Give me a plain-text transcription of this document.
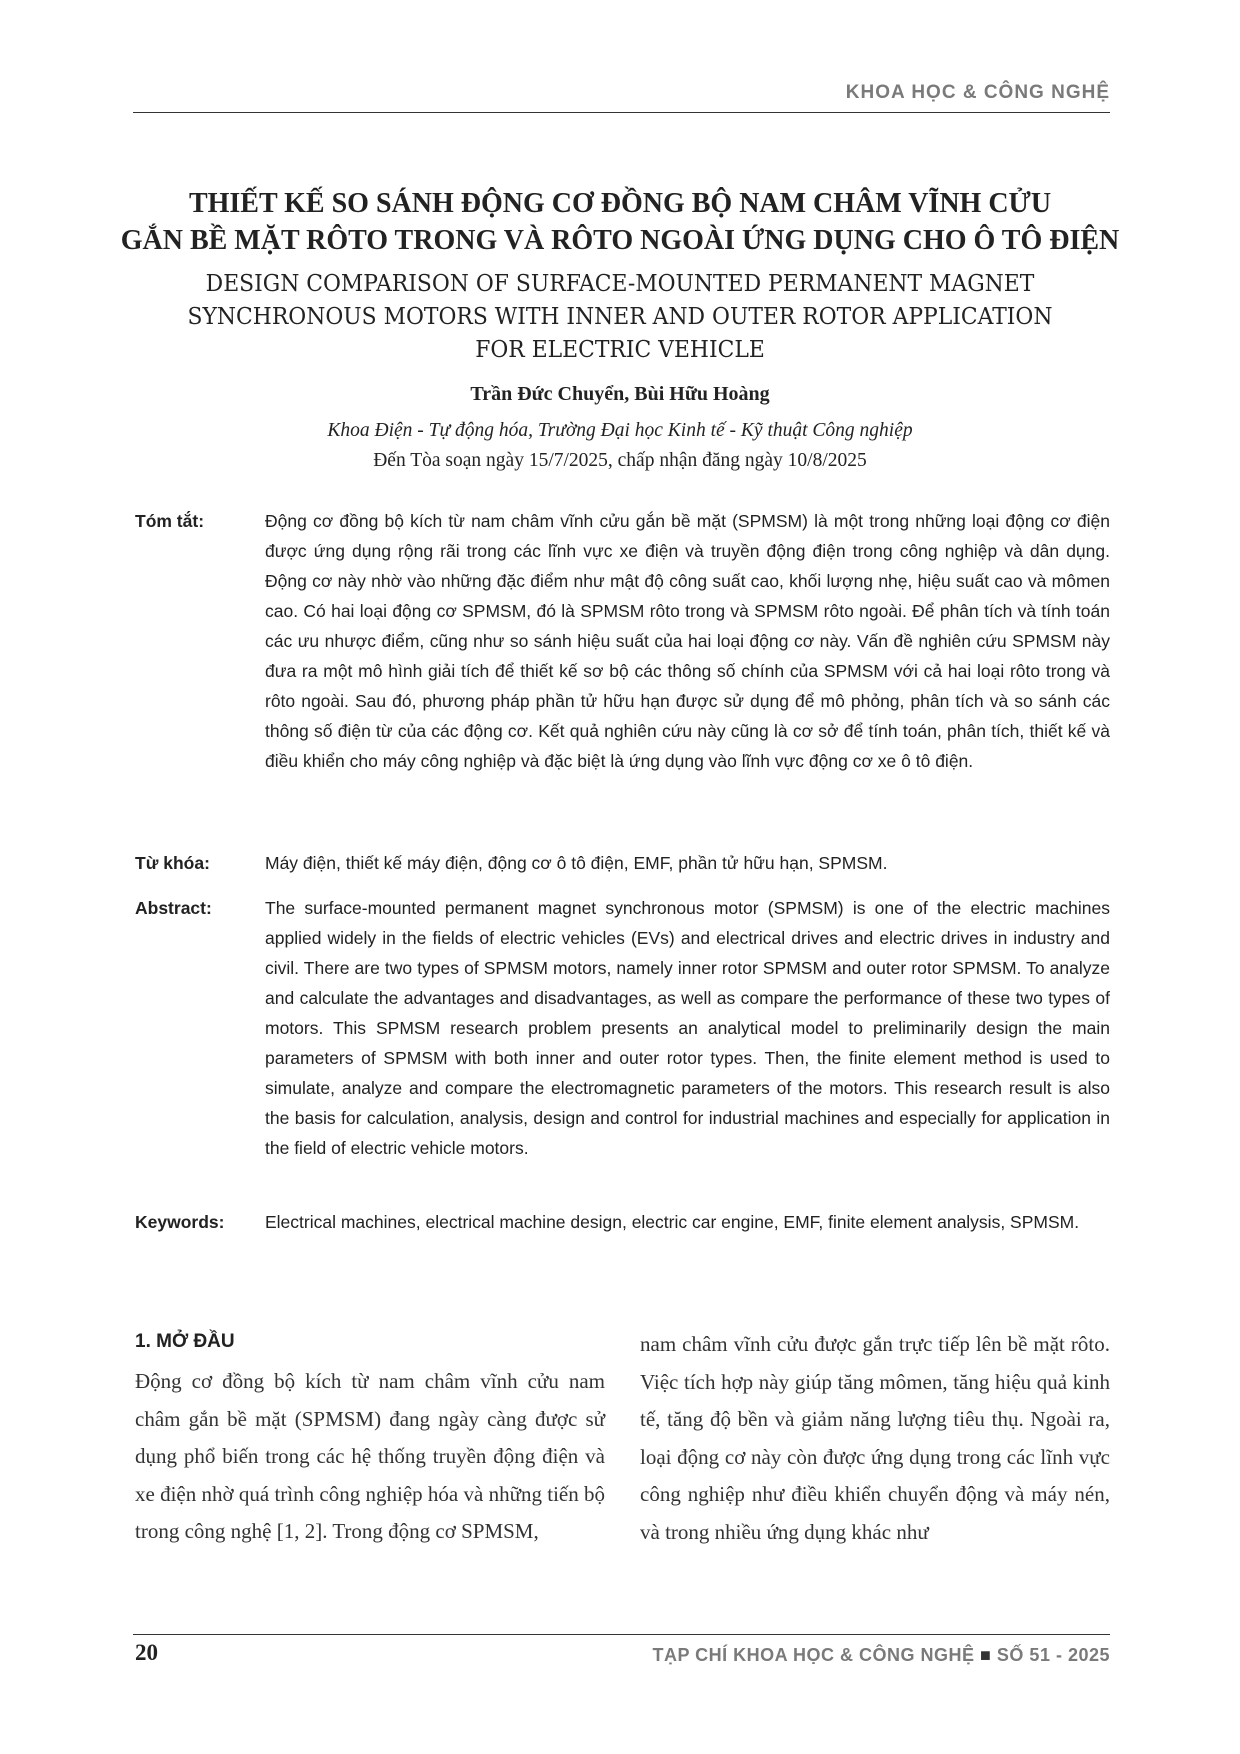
KHOA HỌC & CÔNG NGHỆ
THIẾT KẾ SO SÁNH ĐỘNG CƠ ĐỒNG BỘ NAM CHÂM VĨNH CỬU
GẮN BỀ MẶT RÔTO TRONG VÀ RÔTO NGOÀI ỨNG DỤNG CHO Ô TÔ ĐIỆN
DESIGN COMPARISON OF SURFACE-MOUNTED PERMANENT MAGNET
SYNCHRONOUS MOTORS WITH INNER AND OUTER ROTOR APPLICATION
FOR ELECTRIC VEHICLE
Trần Đức Chuyển, Bùi Hữu Hoàng
Khoa Điện - Tự động hóa, Trường Đại học Kinh tế - Kỹ thuật Công nghiệp
Đến Tòa soạn ngày 15/7/2025, chấp nhận đăng ngày 10/8/2025
Tóm tắt:	Động cơ đồng bộ kích từ nam châm vĩnh cửu gắn bề mặt (SPMSM) là một trong những loại động cơ điện được ứng dụng rộng rãi trong các lĩnh vực xe điện và truyền động điện trong công nghiệp và dân dụng. Động cơ này nhờ vào những đặc điểm như mật độ công suất cao, khối lượng nhẹ, hiệu suất cao và mômen cao. Có hai loại động cơ SPMSM, đó là SPMSM rôto trong và SPMSM rôto ngoài. Để phân tích và tính toán các ưu nhược điểm, cũng như so sánh hiệu suất của hai loại động cơ này. Vấn đề nghiên cứu SPMSM này đưa ra một mô hình giải tích để thiết kế sơ bộ các thông số chính của SPMSM với cả hai loại rôto trong và rôto ngoài. Sau đó, phương pháp phần tử hữu hạn được sử dụng để mô phỏng, phân tích và so sánh các thông số điện từ của các động cơ. Kết quả nghiên cứu này cũng là cơ sở để tính toán, phân tích, thiết kế và điều khiển cho máy công nghiệp và đặc biệt là ứng dụng vào lĩnh vực động cơ xe ô tô điện.
Từ khóa:	Máy điện, thiết kế máy điện, động cơ ô tô điện, EMF, phần tử hữu hạn, SPMSM.
Abstract:	The surface-mounted permanent magnet synchronous motor (SPMSM) is one of the electric machines applied widely in the fields of electric vehicles (EVs) and electrical drives and electric drives in industry and civil. There are two types of SPMSM motors, namely inner rotor SPMSM and outer rotor SPMSM. To analyze and calculate the advantages and disadvantages, as well as compare the performance of these two types of motors. This SPMSM research problem presents an analytical model to preliminarily design the main parameters of SPMSM with both inner and outer rotor types. Then, the finite element method is used to simulate, analyze and compare the electromagnetic parameters of the motors. This research result is also the basis for calculation, analysis, design and control for industrial machines and especially for application in the field of electric vehicle motors.
Keywords:	Electrical machines, electrical machine design, electric car engine, EMF, finite element analysis, SPMSM.
1. MỞ ĐẦU
Động cơ đồng bộ kích từ nam châm vĩnh cửu nam châm gắn bề mặt (SPMSM) đang ngày càng được sử dụng phổ biến trong các hệ thống truyền động điện và xe điện nhờ quá trình công nghiệp hóa và những tiến bộ trong công nghệ [1, 2]. Trong động cơ SPMSM,
nam châm vĩnh cửu được gắn trực tiếp lên bề mặt rôto. Việc tích hợp này giúp tăng mômen, tăng hiệu quả kinh tế, tăng độ bền và giảm năng lượng tiêu thụ. Ngoài ra, loại động cơ này còn được ứng dụng trong các lĩnh vực công nghiệp như điều khiển chuyển động và máy nén, và trong nhiều ứng dụng khác như
20	TẠP CHÍ KHOA HỌC & CÔNG NGHỆ ■ SỐ 51 - 2025
